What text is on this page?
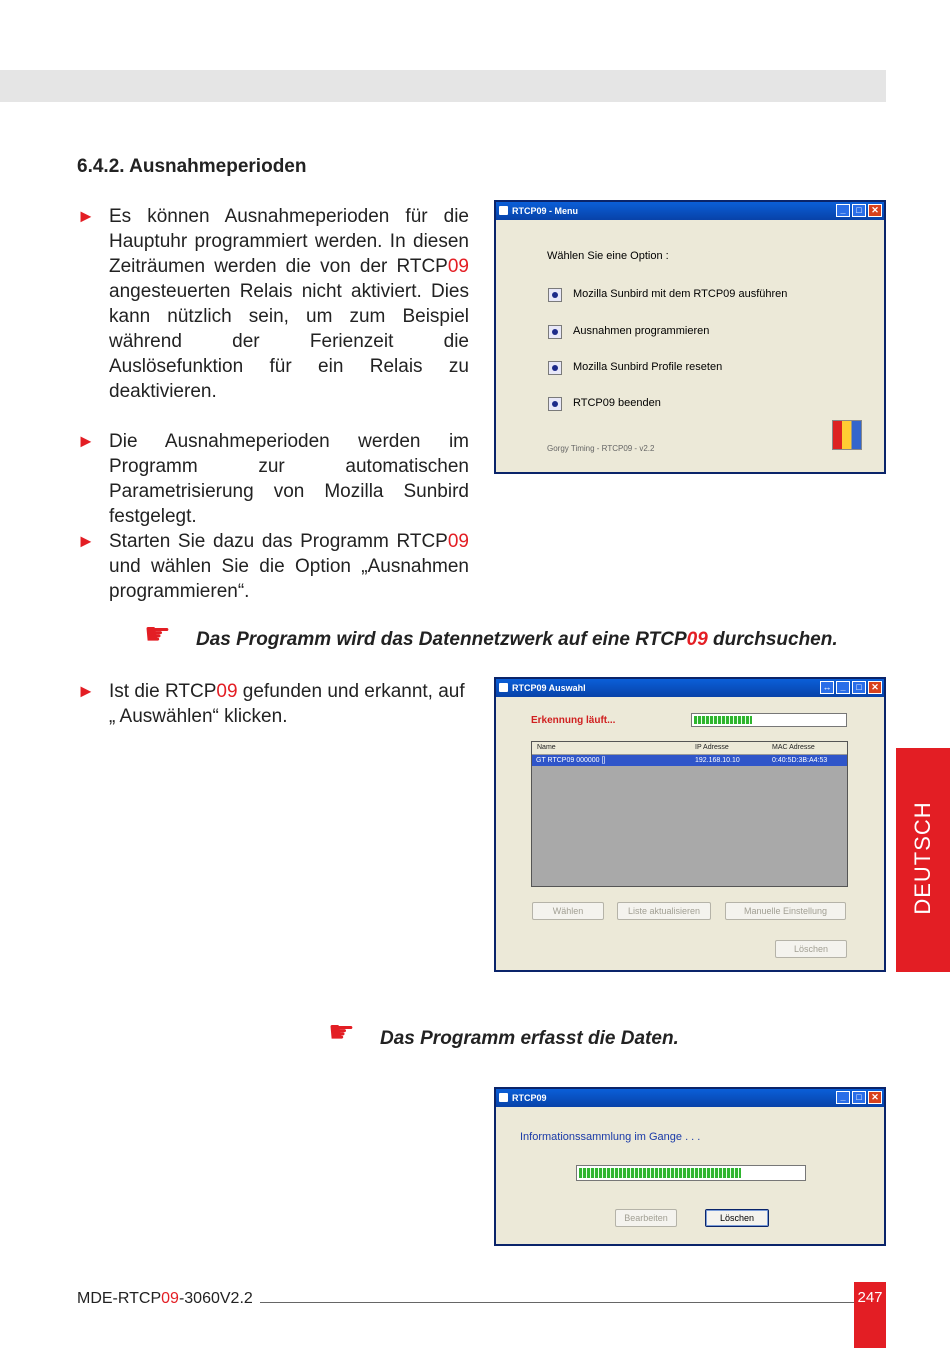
6.4.2. Ausnahmeperioden
► Es können Ausnahmeperioden für die Hauptuhr programmiert werden. In diesen Zeiträumen werden die von der RTCP09 angesteuerten Relais nicht aktiviert. Dies kann nützlich sein, um zum Beispiel während der Ferienzeit die Auslösefunktion für ein Relais zu deaktivieren.
► Die Ausnahmeperioden werden im Programm zur automatischen Parametrisierung von Mozilla Sunbird festgelegt.
► Starten Sie dazu das Programm RTCP09 und wählen Sie die Option „Ausnahmen programmieren“.
☛ Das Programm wird das Datennetzwerk auf eine RTCP09 durchsuchen.
► Ist die RTCP09 gefunden und erkannt, auf „ Auswählen“ klicken.
☛ Das Programm erfasst die Daten.
RTCP09 - Menu	_	□	✕
Wählen Sie eine Option :
Mozilla Sunbird mit dem RTCP09 ausführen
Ausnahmen programmieren
Mozilla Sunbird Profile reseten
RTCP09 beenden
Gorgy Timing - RTCP09 - v2.2
RTCP09 Auswahl	↔ _	□	✕
Erkennung läuft...
Name	IP Adresse	MAC Adresse
GT RTCP09 000000 []	192.168.10.10	0:40:5D:3B:A4:53
Wählen	Liste aktualisieren	Manuelle Einstellung
Löschen
RTCP09	_	□	✕
Informationssammlung im Gange . . .
Bearbeiten	Löschen
DEUTSCH
MDE-RTCP09-3060V2.2	247
